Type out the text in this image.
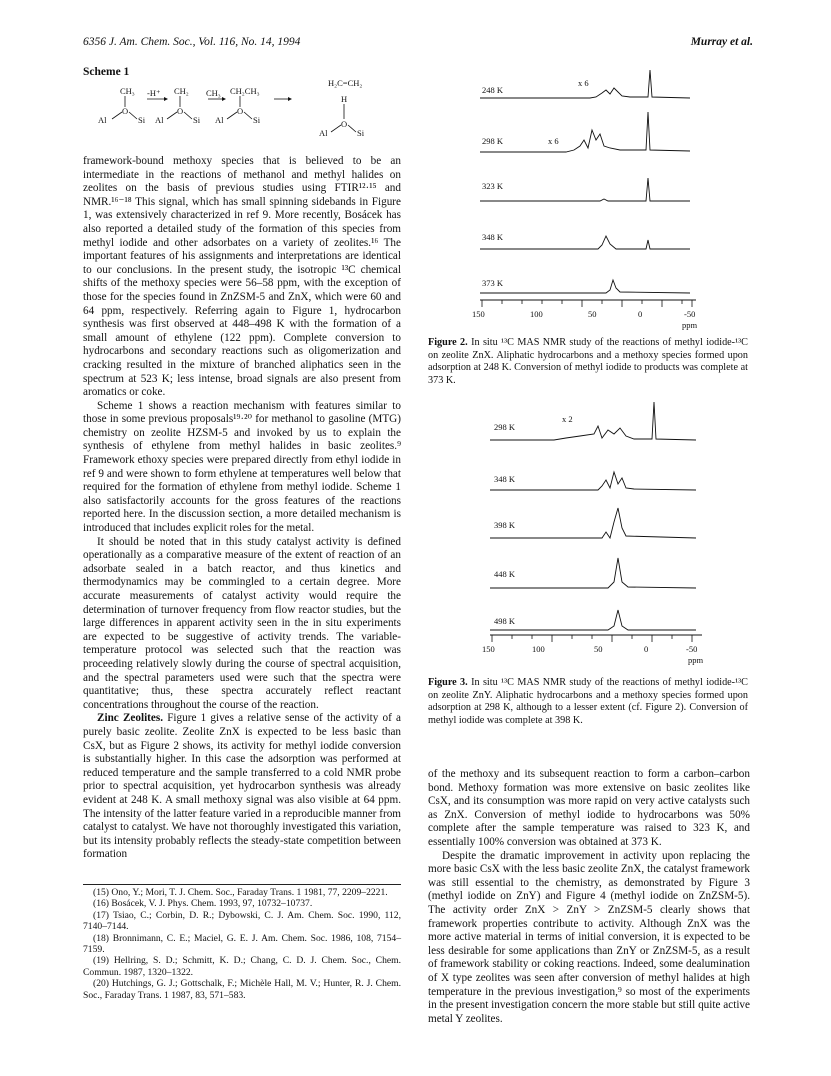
6356 J. Am. Chem. Soc., Vol. 116, No. 14, 1994	Murray et al.
Scheme 1
CH₃
O
Al	Si
-H⁺ CH₂
O
Al	Si
CH₃ CH₂CH₃
O
Al	Si
H₂C=CH₂
H
O
Al	Si

framework-bound methoxy species that is believed to be an intermediate in the reactions of methanol and methyl halides on zeolites on the basis of previous studies using FTIR¹²·¹⁵ and NMR.¹⁶⁻¹⁸ This signal, which has small spinning sidebands in Figure 1, was extensively characterized in ref 9. More recently, Bosácek has also reported a detailed study of the formation of this species from methyl iodide and other adsorbates on a variety of zeolites.¹⁶ The important features of his assignments and interpretations are identical to our conclusions. In the present study, the isotropic ¹³C chemical shifts of the methoxy species were 56–58 ppm, with the exception of those for the species found in ZnZSM-5 and ZnX, which were 60 and 64 ppm, respectively. Referring again to Figure 1, hydrocarbon synthesis was first observed at 448–498 K with the formation of a small amount of ethylene (122 ppm). Complete conversion to hydrocarbons and secondary reactions such as oligomerization and cracking resulted in the mixture of branched aliphatics seen in the spectrum at 523 K; less intense, broad signals are also present from aromatics or coke.

Scheme 1 shows a reaction mechanism with features similar to those in some previous proposals¹⁹·²⁰ for methanol to gasoline (MTG) chemistry on zeolite HZSM-5 and invoked by us to explain the synthesis of ethylene from methyl halides in basic zeolites.⁹ Framework ethoxy species were prepared directly from ethyl iodide in ref 9 and were shown to form ethylene at temperatures well below that required for the formation of ethylene from methyl iodide. Scheme 1 also satisfactorily accounts for the gross features of the reactions reported here. In the discussion section, a more detailed mechanism is introduced that includes explicit roles for the metal.

It should be noted that in this study catalyst activity is defined operationally as a comparative measure of the extent of reaction of an adsorbate sealed in a batch reactor, and thus kinetics and thermodynamics may be commingled to a certain degree. More accurate measurements of catalyst activity would require the determination of turnover frequency from flow reactor studies, but the large differences in apparent activity seen in the in situ experiments are expected to be suggestive of activity trends. The variable-temperature protocol was selected such that the reaction was proceeding relatively slowly during the course of spectral acquisition, and the spectral parameters used were such that the spectra were quantitative; thus, these spectra accurately reflect reactant concentrations throughout the course of the reaction.

Zinc Zeolites. Figure 1 gives a relative sense of the activity of a purely basic zeolite. Zeolite ZnX is expected to be less basic than CsX, but as Figure 2 shows, its activity for methyl iodide conversion is substantially higher. In this case the adsorption was performed at reduced temperature and the sample transferred to a cold NMR probe prior to spectral acquisition, yet hydrocarbon synthesis was already evident at 248 K. A small methoxy signal was also visible at 64 ppm. The intensity of the latter feature varied in a reproducible manner from catalyst to catalyst. We have not thoroughly investigated this variation, but its intensity probably reflects the steady-state competition between formation

(15) Ono, Y.; Mori, T. J. Chem. Soc., Faraday Trans. 1 1981, 77, 2209–2221.

(16) Bosácek, V. J. Phys. Chem. 1993, 97, 10732–10737.

(17) Tsiao, C.; Corbin, D. R.; Dybowski, C. J. Am. Chem. Soc. 1990, 112, 7140–7144.

(18) Bronnimann, C. E.; Maciel, G. E. J. Am. Chem. Soc. 1986, 108, 7154–7159.

(19) Hellring, S. D.; Schmitt, K. D.; Chang, C. D. J. Chem. Soc., Chem. Commun. 1987, 1320–1322.

(20) Hutchings, G. J.; Gottschalk, F.; Michèle Hall, M. V.; Hunter, R. J. Chem. Soc., Faraday Trans. 1 1987, 83, 571–583.

248 K
x 6
298 K	x 6
323 K
348 K
373 K
150	100	50	0	-50
ppm
Figure 2. In situ ¹³C MAS NMR study of the reactions of methyl iodide-¹³C on zeolite ZnX. Aliphatic hydrocarbons and a methoxy species formed upon adsorption at 248 K. Conversion of methyl iodide to products was complete at 373 K.
298 K
x 2
348 K
398 K
448 K
498 K
150	100	50	0	-50
ppm
Figure 3. In situ ¹³C MAS NMR study of the reactions of methyl iodide-¹³C on zeolite ZnY. Aliphatic hydrocarbons and a methoxy species formed upon adsorption at 298 K, although to a lesser extent (cf. Figure 2). Conversion of methyl iodide was complete at 398 K.

of the methoxy and its subsequent reaction to form a carbon–carbon bond. Methoxy formation was more extensive on basic zeolites like CsX, and its consumption was more rapid on very active catalysts such as ZnX. Conversion of methyl iodide to hydrocarbons was 50% complete after the sample temperature was raised to 323 K, and essentially 100% conversion was obtained at 373 K.

Despite the dramatic improvement in activity upon replacing the more basic CsX with the less basic zeolite ZnX, the catalyst framework was still essential to the chemistry, as demonstrated by Figure 3 (methyl iodide on ZnY) and Figure 4 (methyl iodide on ZnZSM-5). The activity order ZnX > ZnY > ZnZSM-5 clearly shows that framework properties contribute to activity. Although ZnX was the more active material in terms of initial conversion, it is expected to be less desirable for some applications than ZnY or ZnZSM-5, as a result of framework stability or coking reactions. Indeed, some dealumination of X type zeolites was seen after conversion of methyl halides at high temperature in the previous investigation,⁹ so most of the experiments in the present investigation concern the more stable but still quite active metal Y zeolites.
